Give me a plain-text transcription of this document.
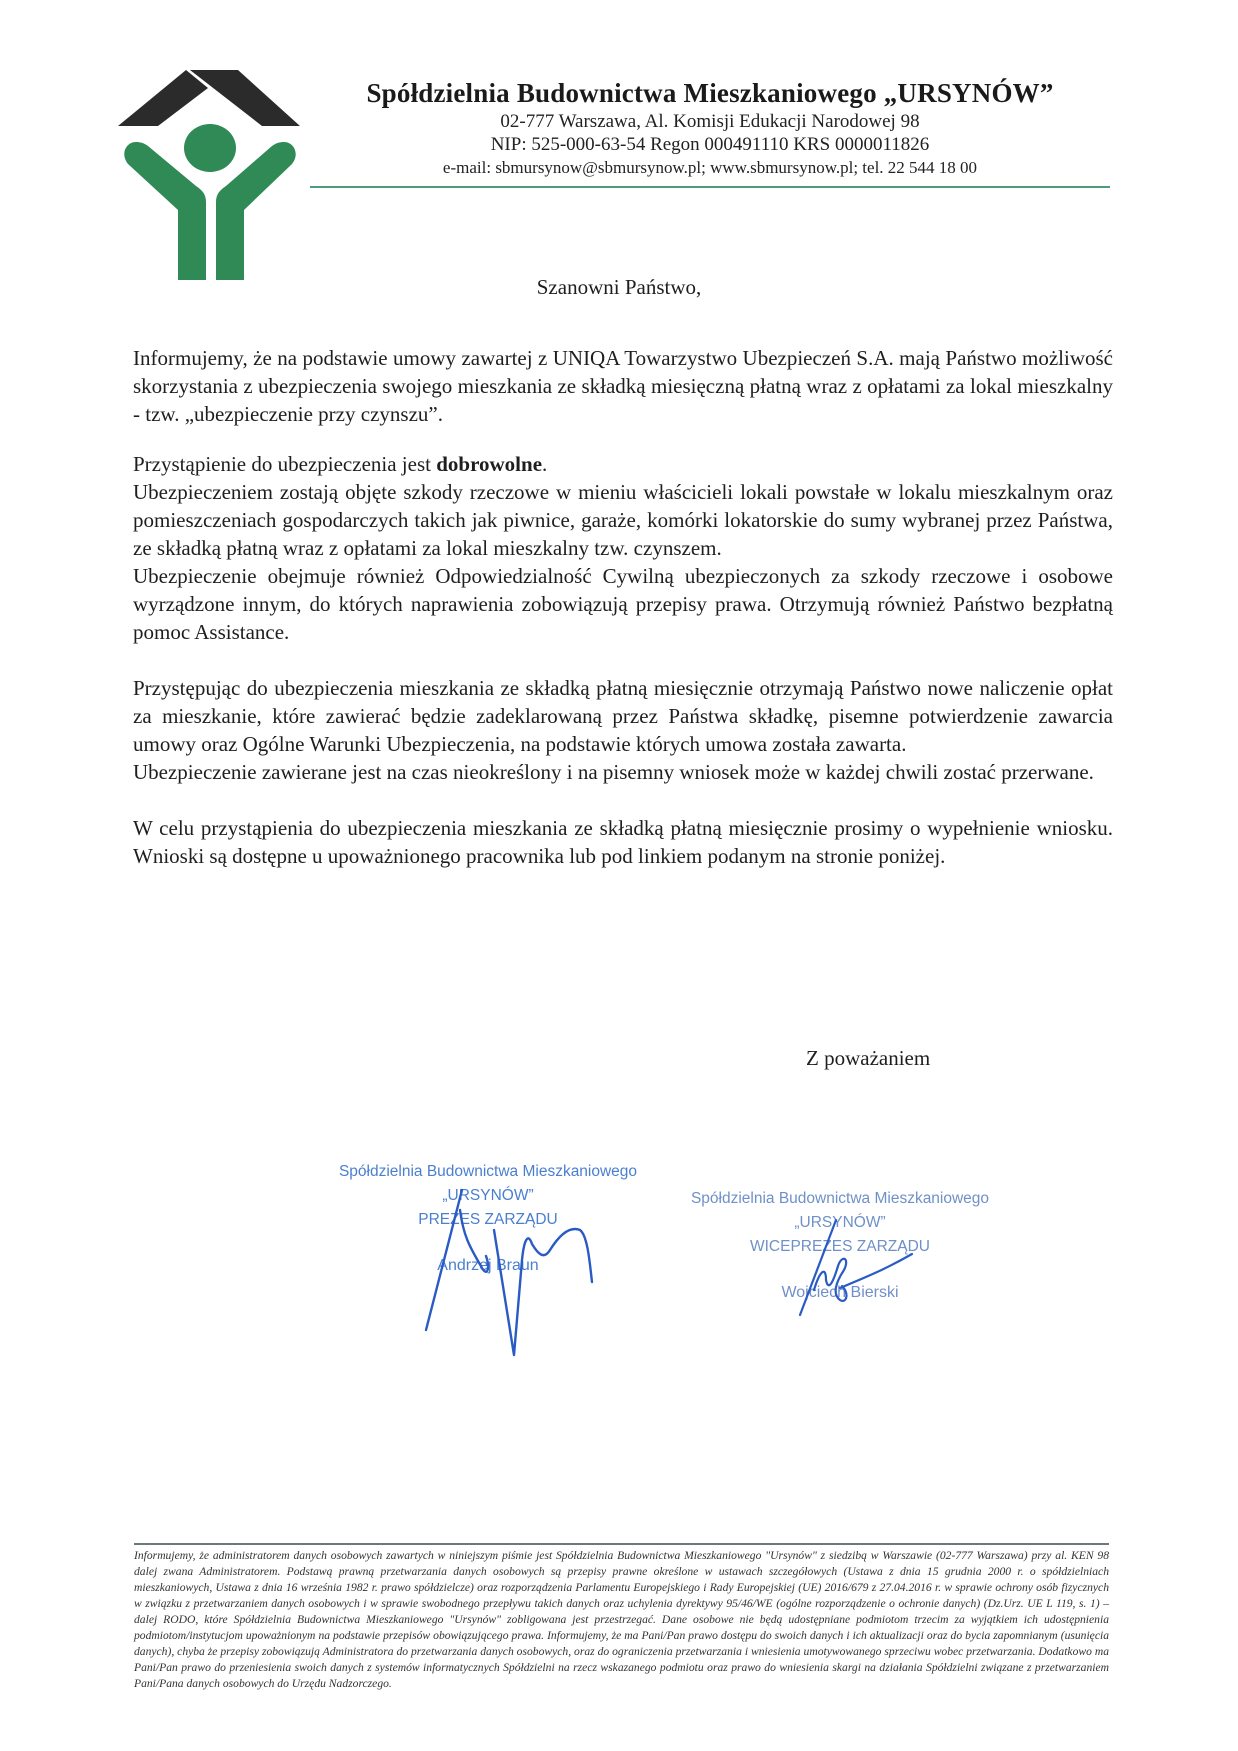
Spółdzielnia Budownictwa Mieszkaniowego „URSYNÓW”
02-777 Warszawa, Al. Komisji Edukacji Narodowej 98
NIP: 525-000-63-54 Regon 000491110 KRS 0000011826
e-mail: sbmursynow@sbmursynow.pl; www.sbmursynow.pl; tel. 22 544 18 00
Szanowni Państwo,

Informujemy, że na podstawie umowy zawartej z UNIQA Towarzystwo Ubezpieczeń S.A. mają Państwo możliwość skorzystania z ubezpieczenia swojego mieszkania ze składką miesięczną płatną wraz z opłatami za lokal mieszkalny - tzw. „ubezpieczenie przy czynszu”.

Przystąpienie do ubezpieczenia jest dobrowolne.

Ubezpieczeniem zostają objęte szkody rzeczowe w mieniu właścicieli lokali powstałe w lokalu mieszkalnym oraz pomieszczeniach gospodarczych takich jak piwnice, garaże, komórki lokatorskie do sumy wybranej przez Państwa, ze składką płatną wraz z opłatami za lokal mieszkalny tzw. czynszem.

Ubezpieczenie obejmuje również Odpowiedzialność Cywilną ubezpieczonych za szkody rzeczowe i osobowe wyrządzone innym, do których naprawienia zobowiązują przepisy prawa. Otrzymują również Państwo bezpłatną pomoc Assistance.

Przystępując do ubezpieczenia mieszkania ze składką płatną miesięcznie otrzymają Państwo nowe naliczenie opłat za mieszkanie, które zawierać będzie zadeklarowaną przez Państwa składkę, pisemne potwierdzenie zawarcia umowy oraz Ogólne Warunki Ubezpieczenia, na podstawie których umowa została zawarta.

Ubezpieczenie zawierane jest na czas nieokreślony i na pisemny wniosek może w każdej chwili zostać przerwane.

W celu przystąpienia do ubezpieczenia mieszkania ze składką płatną miesięcznie prosimy o wypełnienie wniosku. Wnioski są dostępne u upoważnionego pracownika lub pod linkiem podanym na stronie poniżej.

Z poważaniem
Spółdzielnia Budownictwa Mieszkaniowego
„URSYNÓW”
PREZES ZARZĄDU
Andrzej Braun
Spółdzielnia Budownictwa Mieszkaniowego
„URSYNÓW”
WICEPREZES ZARZĄDU
Wojciech Bierski
Informujemy, że administratorem danych osobowych zawartych w niniejszym piśmie jest Spółdzielnia Budownictwa Mieszkaniowego "Ursynów" z siedzibą w Warszawie (02-777 Warszawa) przy al. KEN 98 dalej zwana Administratorem. Podstawą prawną przetwarzania danych osobowych są przepisy prawne określone w ustawach szczegółowych (Ustawa z dnia 15 grudnia 2000 r. o spółdzielniach mieszkaniowych, Ustawa z dnia 16 września 1982 r. prawo spółdzielcze) oraz rozporządzenia Parlamentu Europejskiego i Rady Europejskiej (UE) 2016/679 z 27.04.2016 r. w sprawie ochrony osób fizycznych w związku z przetwarzaniem danych osobowych i w sprawie swobodnego przepływu takich danych oraz uchylenia dyrektywy 95/46/WE (ogólne rozporządzenie o ochronie danych) (Dz.Urz. UE L 119, s. 1) – dalej RODO, które Spółdzielnia Budownictwa Mieszkaniowego "Ursynów" zobligowana jest przestrzegać. Dane osobowe nie będą udostępniane podmiotom trzecim za wyjątkiem ich udostępnienia podmiotom/instytucjom upoważnionym na podstawie przepisów obowiązującego prawa. Informujemy, że ma Pani/Pan prawo dostępu do swoich danych i ich aktualizacji oraz do bycia zapomnianym (usunięcia danych), chyba że przepisy zobowiązują Administratora do przetwarzania danych osobowych, oraz do ograniczenia przetwarzania i wniesienia umotywowanego sprzeciwu wobec przetwarzania. Dodatkowo ma Pani/Pan prawo do przeniesienia swoich danych z systemów informatycznych Spółdzielni na rzecz wskazanego podmiotu oraz prawo do wniesienia skargi na działania Spółdzielni związane z przetwarzaniem Pani/Pana danych osobowych do Urzędu Nadzorczego.
